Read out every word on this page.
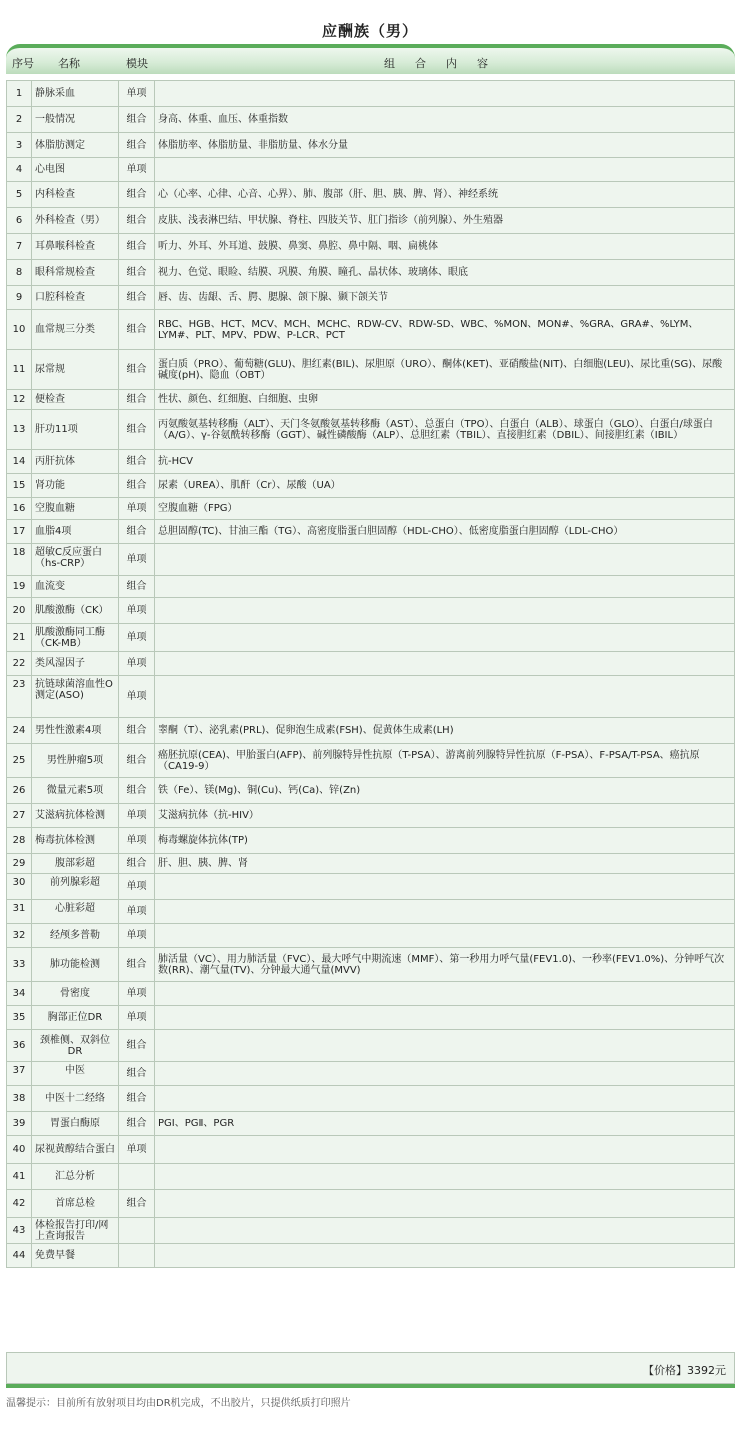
应酬族（男）
序号 名称	模块	组合内容
1	静脉采血	单项	
2	一般情况	组合	身高、体重、血压、体重指数
3	体脂肪测定	组合	体脂肪率、体脂肪量、非脂肪量、体水分量
4	心电图	单项	
5	内科检查	组合	心（心率、心律、心音、心界）、肺、腹部（肝、胆、胰、脾、肾）、神经系统
6	外科检查（男）	组合	皮肤、浅表淋巴结、甲状腺、脊柱、四肢关节、肛门指诊（前列腺）、外生殖器
7	耳鼻喉科检查	组合	听力、外耳、外耳道、鼓膜、鼻窦、鼻腔、鼻中隔、咽、扁桃体
8	眼科常规检查	组合	视力、色觉、眼睑、结膜、巩膜、角膜、瞳孔、晶状体、玻璃体、眼底
9	口腔科检查	组合	唇、齿、齿龈、舌、腭、腮腺、颌下腺、颞下颌关节
10	血常规三分类	组合	RBC、HGB、HCT、MCV、MCH、MCHC、RDW-CV、RDW-SD、WBC、%MON、MON#、%GRA、GRA#、%LYM、LYM#、PLT、MPV、PDW、P-LCR、PCT
11	尿常规	组合	蛋白质（PRO）、葡萄糖(GLU)、胆红素(BIL)、尿胆原（URO）、酮体(KET)、亚硝酸盐(NIT)、白细胞(LEU)、尿比重(SG)、尿酸碱度(pH)、隐血（OBT）
12	便检查	组合	性状、颜色、红细胞、白细胞、虫卵
13	肝功11项	组合	丙氨酸氨基转移酶（ALT）、天门冬氨酸氨基转移酶（AST）、总蛋白（TPO）、白蛋白（ALB）、球蛋白（GLO）、白蛋白/球蛋白（A/G）、γ-谷氨酰转移酶（GGT）、碱性磷酸酶（ALP）、总胆红素（TBIL）、直接胆红素（DBIL）、间接胆红素（IBIL）
14	丙肝抗体	组合	抗-HCV
15	肾功能	组合	尿素（UREA）、肌酐（Cr）、尿酸（UA）
16	空腹血糖	单项	空腹血糖（FPG）
17	血脂4项	组合	总胆固醇(TC)、甘油三酯（TG）、高密度脂蛋白胆固醇（HDL-CHO）、低密度脂蛋白胆固醇（LDL-CHO）
18	超敏C反应蛋白（hs-CRP）	单项	
19	血流变	组合	
20	肌酸激酶（CK）	单项	
21	肌酸激酶同工酶（CK-MB）	单项	
22	类风湿因子	单项	
23	抗链球菌溶血性O测定(ASO)	单项	
24	男性性激素4项	组合	睾酮（T）、泌乳素(PRL)、促卵泡生成素(FSH)、促黄体生成素(LH)
25	男性肿瘤5项	组合	癌胚抗原(CEA)、甲胎蛋白(AFP)、前列腺特异性抗原（T-PSA）、游离前列腺特异性抗原（F-PSA）、F-PSA/T-PSA、癌抗原（CA19-9）
26	微量元素5项	组合	铁（Fe）、镁(Mg)、铜(Cu)、钙(Ca)、锌(Zn)
27	艾滋病抗体检测	单项	艾滋病抗体（抗-HIV）
28	梅毒抗体检测	单项	梅毒螺旋体抗体(TP)
29	腹部彩超	组合	肝、胆、胰、脾、肾
30	前列腺彩超	单项	
31	心脏彩超	单项	
32	经颅多普勒	单项	
33	肺功能检测	组合	肺活量（VC）、用力肺活量（FVC）、最大呼气中期流速（MMF）、第一秒用力呼气量(FEV1.0)、一秒率(FEV1.0%)、分钟呼气次数(RR)、潮气量(TV)、分钟最大通气量(MVV)
34	骨密度	单项	
35	胸部正位DR	单项	
36	颈椎侧、双斜位DR	组合	
37	中医	组合	
38	中医十二经络	组合	
39	胃蛋白酶原	组合	PGⅠ、PGⅡ、PGR
40	尿视黄醇结合蛋白	单项	
41	汇总分析		
42	首席总检	组合	
43	体检报告打印/网上查询报告		
44	免费早餐		
【价格】3392元
温馨提示：目前所有放射项目均由DR机完成，不出胶片，只提供纸质打印照片
